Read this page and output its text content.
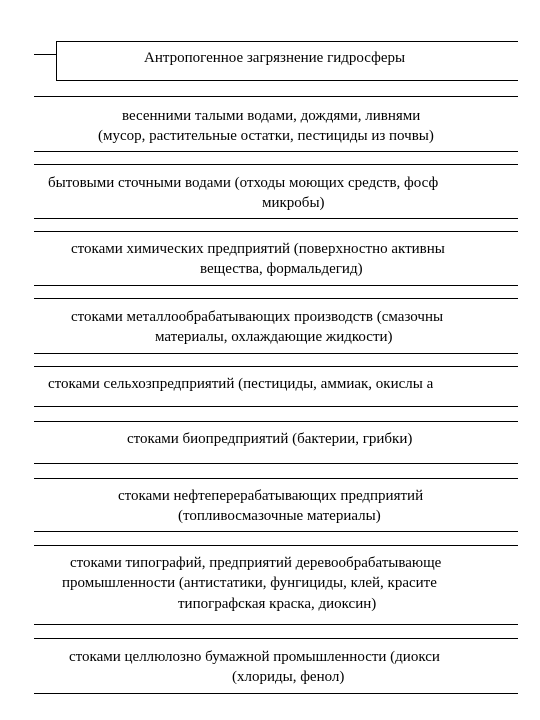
Антропогенное загрязнение гидросферы
весенними талыми водами, дождями, ливнями
(мусор, растительные остатки, пестициды из почвы)
бытовыми сточными водами (отходы моющих средств, фосф
микробы)
стоками химических предприятий (поверхностно активны
вещества, формальдегид)
стоками металлообрабатывающих производств (смазочны
материалы, охлаждающие жидкости)
стоками сельхозпредприятий (пестициды, аммиак, окислы а
стоками биопредприятий (бактерии, грибки)
стоками нефтеперерабатывающих предприятий
(топливосмазочные материалы)
стоками типографий, предприятий деревообрабатывающе
промышленности (антистатики, фунгициды, клей, красите
типографская краска, диоксин)
стоками целлюлозно бумажной промышленности (диокси
(хлориды, фенол)
